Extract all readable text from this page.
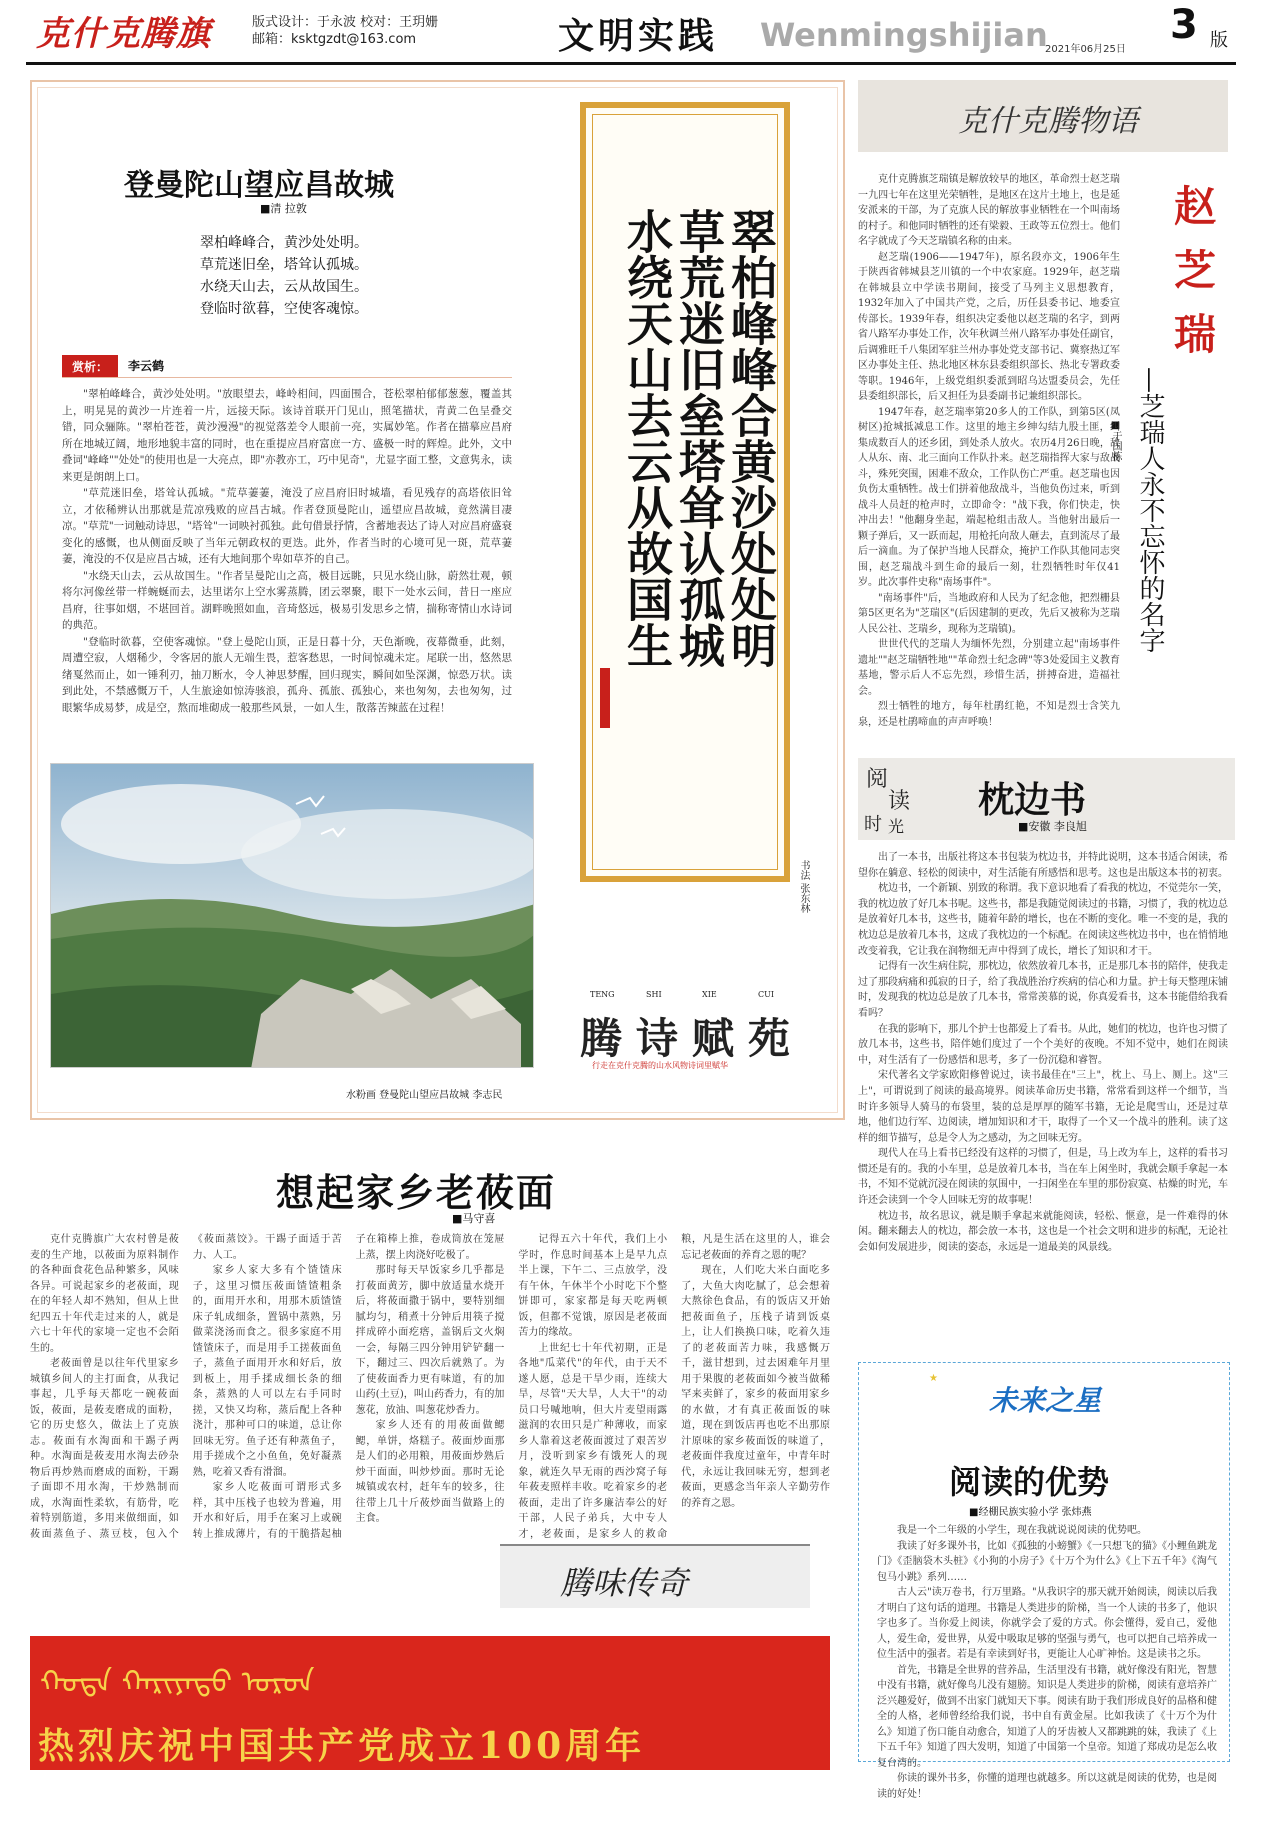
克什克腾旗	版式设计：于永波 校对：王玥姗
邮箱：ksktgzdt@163.com	文明实践 Wenmingshijian
2021年06月25日
3 版
登曼陀山望应昌故城
■清 拉敦
翠柏峰峰合，黄沙处处明。
草荒迷旧垒，塔耸认孤城。
水绕天山去，云从故国生。
登临时欲暮，空使客魂惊。
赏析：	李云鹤

"翠柏峰峰合，黄沙处处明。"放眼望去，峰岭相间，四面围合，苍松翠柏郁郁葱葱，覆盖其上，明晃晃的黄沙一片连着一片，远接天际。该诗首联开门见山，照笔描状，青黄二色呈叠交错，同众骊陈。"翠柏苍苍，黄沙漫漫"的视觉落差令人眼前一亮，实属妙笔。作者在描摹应昌府所在地城辽阔，地形地貌丰富的同时，也在重提应昌府富庶一方、盛极一时的辉煌。此外，文中叠词"峰峰""处处"的使用也是一大亮点，即"亦教亦工，巧中见奇"，尤显字面工整，文意隽永，读来更是朗朗上口。

"草荒迷旧垒，塔耸认孤城。"荒草萋萋，淹没了应昌府旧时城墙，看见残存的高塔依旧耸立，才依稀辨认出那就是荒凉残败的应昌古城。作者登顶曼陀山，遥望应昌故城，竟然满目凄凉。"草荒"一词触动诗思，"塔耸"一词映衬孤独。此句借景抒情，含蓄地表达了诗人对应昌府盛衰变化的感慨，也从侧面反映了当年元朝政权的更迭。此外，作者当时的心境可见一斑，荒草萋萋，淹没的不仅是应昌古城，还有大地间那个卑如草芥的自己。

"水绕天山去，云从故国生。"作者呈曼陀山之高，极目远眺，只见水绕山脉，蔚然壮观，顿将尔河像丝带一样蜿蜒而去，达里诺尔上空水雾蒸腾，团云翠聚，眼下一处水云间，昔日一座应昌府，往事如烟，不堪回首。湖畔晚照如血，音琦悠远，极易引发思乡之情，揣称寄情山水诗词的典范。

"登临时欲暮，空使客魂惊。"登上曼陀山顶，正是日暮十分，天色渐晚，夜幕微垂，此刻，周遭空寂，人烟稀少，令客居的旅人无端生畏，惹客愁思，一时间惊魂未定。尾联一出，悠然思绪戛然而止，如一锤利刃，抽刀断水，令人神思梦醒，回归现实，瞬间如坠深渊，惊恐万状。读到此处，不禁感慨万千，人生旅途如惊涛骇浪，孤舟、孤旅、孤独心，来也匆匆，去也匆匆，过眼繁华成易梦，成是空，熬而堆砌成一般那些风景，一如人生，散落苦辣蓝在过程！

水粉画 登曼陀山望应昌故城 李志民
翠柏峰峰合黄沙处处明
草荒迷旧垒塔耸认孤城
水绕天山去云从故国生
书法 张东林
腾 诗 赋 苑
TENG	SHI	XIE	CUI
行走在克什克腾的山水风物诗词里赋华
克什克腾物语
赵芝瑞
—芝瑞人永不忘怀的名字
■于国栋

克什克腾旗芝瑞镇是解放较早的地区，革命烈士赵芝瑞一九四七年在这里光荣牺牲，是地区在这片土地上，也是延安派来的干部，为了克旗人民的解放事业牺牲在一个叫南场的村子。和他同时牺牲的还有梁毅、王政等五位烈士。他们名字就成了今天芝瑞镇名称的由来。

赵芝瑞(1906——1947年)，原名段亦文，1906年生于陕西省韩城县芝川镇的一个中农家庭。1929年，赵芝瑞在韩城县立中学读书期间，接受了马列主义思想教育，1932年加入了中国共产党，之后，历任县委书记、地委宣传部长。1939年春，组织决定委他以赵芝瑞的名字，到两省八路军办事处工作，次年秋调兰州八路军办事处任副官，后调雅旺千八集团军驻兰州办事处党支部书记、冀察热辽军区办事处主任、热北地区林东县委组织部长、热北专署政委等职。1946年，上级党组织委派到昭乌达盟委员会，先任县委组织部长，后又担任为县委副书记兼组织部长。

1947年春，赵芝瑞率第20多人的工作队，到第5区(凤树区)抢城抵减息工作。这里的地主乡绅勾结九股土匪，纠集成数百人的还乡团，到处杀人放火。农历4月26日晚，敌人从东、南、北三面向工作队扑来。赵芝瑞指挥大家与敌战斗，殊死突围，困难不敌众，工作队伤亡严重。赵芝瑞也因负伤太重牺牲。战士们拼着他敌战斗，当他负伤过来，听到战斗人员赶的枪声时，立即命令："战下我，你们快走，快冲出去！"他翻身坐起，端起枪组击敌人。当他射出最后一颗子弹后，又一跃而起，用枪托向敌人砸去，直到流尽了最后一滴血。为了保护当地人民群众，掩护工作队其他同志突围，赵芝瑞战斗到生命的最后一刻，壮烈牺牲时年仅41岁。此次事件史称"南场事件"。

"南场事件"后，当地政府和人民为了纪念他，把烈栅县第5区更名为"芝瑞区"(后因建制的更改，先后又被称为芝瑞人民公社、芝瑞乡，现称为芝瑞镇)。

世世代代的芝瑞人为缅怀先烈，分别建立起"南场事件遗址""赵芝瑞牺牲地""革命烈士纪念碑"等3处爱国主义教育基地，警示后人不忘先烈，珍惜生活，拼搏奋进，造福社会。

烈士牺牲的地方，每年杜鹃红艳，不知是烈士含笑九泉，还是杜鹃啼血的声声呼唤！

阅
读
时 光
枕边书
■安徽 李良旭

出了一本书，出版社将这本书包装为枕边书，并特此说明，这本书适合闲读，希望你在躺意、轻松的阅读中，对生活能有所感悟和思考。这也是出版这本书的初衷。

枕边书，一个新颖、别致的称谓。我下意识地看了看我的枕边，不觉莞尔一笑，我的枕边放了好几本书呢。这些书，都是我随觉阅读过的书籍，习惯了，我的枕边总是放着好几本书，这些书，随着年龄的增长，也在不断的变化。唯一不变的是，我的枕边总是放着几本书，这成了我枕边的一个标配。在阅读这些枕边书中，也在悄悄地改变着我，它让我在润物细无声中得到了成长，增长了知识和才干。

记得有一次生病住院，那枕边，依然放着几本书，正是那几本书的陪伴，使我走过了那段病痛和孤寂的日子，给了我战胜治疗疾病的信心和力量。护士每天整理床铺时，发现我的枕边总是放了几本书，常常羡慕的说，你真爱看书，这本书能借给我看看吗？

在我的影响下，那儿个护士也都爱上了看书。从此，她们的枕边，也许也习惯了放几本书，这些书，陪伴她们度过了一个个美好的夜晚。不知不觉中，她们在阅读中，对生活有了一份感悟和思考，多了一份沉稳和睿智。

宋代著名文学家欧阳修曾说过，读书最佳在"三上"，枕上、马上、厕上。这"三上"，可谓说到了阅读的最高境界。阅读革命历史书籍，常常看到这样一个细节，当时许多领导人骑马的布袋里，装的总是厚厚的随军书籍，无论是爬雪山，还是过草地，他们边行军、边阅读，增加知识和才干，取得了一个又一个战斗的胜利。读了这样的细节描写，总是令人为之感动，为之回味无穷。

现代人在马上看书已经没有这样的习惯了，但是，马上改为车上，这样的看书习惯还是有的。我的小车里，总是放着几本书，当在车上闲坐时，我就会顺手拿起一本书，不知不觉就沉浸在阅读的氛围中，一扫闲坐在车里的那份寂寞、枯燥的时光，车许还会读到一个令人回味无穷的故事呢！

枕边书，故名思议，就是顺手拿起来就能阅读，轻松、惬意，是一件难得的休闲。翻来翻去人的枕边，都会放一本书，这也是一个社会文明和进步的标配，无论社会如何发展进步，阅读的姿态，永远是一道最美的风景线。

想起家乡老莜面
■马守喜

克什克腾旗广大农村曾是莜麦的生产地，以莜面为原料制作的各种面食花色品种繁多，风味各异。可说起家乡的老莜面，现在的年轻人却不熟知，但从上世纪四五十年代走过来的人，就是六七十年代的家境一定也不会陌生的。

老莜面曾是以往年代里家乡城镇乡间人的主打面食，从我记事起，几乎每天都吃一碗莜面饭，莜面，是莜麦磨成的面粉，它的历史悠久，做法上了克族志。莜面有水淘面和干踢子两种。水淘面是莜麦用水淘去砂杂物后再炒熟而磨成的面粉，干踢子面即不用水淘，干炒熟制而成，水淘面性柔软，有筋骨，吃着特别筋道，多用来做细面，如莜面蒸鱼子、蒸豆枝，包入个《莜面蒸饺》。干踢子面适于苦力、人工。

家乡人家大多有个馇馇床子，这里习惯压莜面馇馇粗条的，面用开水和，用那木质馇馇床子轧成细条，置锅中蒸熟，另做菜浇汤而食之。很多家庭不用馇馇床子，而是用手工搓莜面鱼子，蒸鱼子面用开水和好后，放到板上，用手揉成细长条的细条，蒸熟的人可以左右手同时搓，又快又均称，蒸后配上各种浇汁，那种可口的味道，总让你回味无穷。鱼子还有种蒸鱼子，用手搓成个之小鱼鱼，免好凝蒸熟，吃着又香有滑溜。

家乡人吃莜面可谓形式多样，其中压栈子也较为普遍，用开水和好后，用手在案习上或碗转上推成薄片，有的干脆搭起柚子在箱棒上推，卷成筒放在笼屉上蒸，摆上肉浇好吃极了。

那时每天早饭家乡几乎都是打莜面黄芳，脚中放适量水烧开后，将莜面撒于锅中，要特别细腻均匀，稍煮十分钟后用筷子搅拌成碎小面疙瘩，盖锅后文火焖一会，每隔三四分钟用铲铲翻一下，翻过三、四次后就熟了。为了使莜面香力更有味道，有的加山药(土豆)，叫山药香力，有的加葱花，放油、叫葱花炒香力。

家乡人还有的用莜面做鳃鳃，单饼，烙糕子。莜面炒面那是人们的必用粮，用莜面炒熟后炒干面面，叫炒炒面。那时无论城镇或农村，赶年车的较多，往往带上几十斤莜炒面当做路上的主食。

记得五六十年代，我们上小学时，作息时间基本上是早九点半上课，下午二、三点放学，没有午休，午休半个小时吃下个整饼即可，家家都是每天吃两顿饭，但都不觉饿，原因是老莜面苦力的缘故。

上世纪七十年代初期，正是各地"瓜菜代"的年代，由于天不遂人愿，总是干旱少雨，连续大旱，尽管"天大旱，人大干"的动员口号喊地响，但大片麦望雨露滋润的农田只是广种薄收，而家乡人靠着这老莜面渡过了艰苦岁月，没听到家乡有饿死人的现象，就连久早无雨的西沙窝子每年莜麦照样丰收。吃着家乡的老莜面，走出了许多廉洁奉公的好干部，人民子弟兵，大中专人才，老莜面，是家乡人的救命粮，凡是生活在这里的人，谁会忘记老莜面的养育之恩的呢？

现在，人们吃大米白面吃多了，大鱼大肉吃腻了，总会想着大熬徐色食品，有的饭店又开始把莜面鱼子，压栈子请到饭桌上，让人们换换口味，吃着久违了的老莜面苦力味，我感慨万千，滋甘想到，过去困难年月里用于果腹的老莜面如今被当做稀罕来卖鲜了，家乡的莜面用家乡的水做，才有真正莜面饭的味道，现在到饭店再也吃不出那原汁原味的家乡莜面饭的味道了，老莜面伴我度过童年，中青年时代，永远让我回味无穷，想到老莜面，更感念当年亲人辛勤劳作的养育之恩。

腾味传奇
ᠬᠣᠲᠠ ᠬᠠᠷᠢᠶᠠᠲᠤ ᠣᠷᠣᠨ
热烈庆祝中国共产党成立100周年
★
未来之星
阅读的优势
■经棚民族实验小学 张炜燕

我是一个二年级的小学生，现在我就说说阅读的优势吧。

我读了好多课外书，比如《孤独的小螃蟹》《一只想飞的猫》《小鲤鱼跳龙门》《歪脑袋木头桩》《小狗的小房子》《十万个为什么》《上下五千年》《淘气包马小跳》系列……

古人云"读万卷书，行万里路。"从我识字的那天就开始阅读，阅读以后我才明白了这句话的道理。书籍是人类进步的阶梯，当一个人读的书多了，他识字也多了。当你爱上阅读，你就学会了爱的方式。你会懂得，爱自己，爱他人，爱生命，爱世界，从爱中吸取足够的坚强与勇气，也可以把自己培养成一位生活中的强者。若是有幸读到好书，更能让人心旷神怡。这是读书之乐。

首先，书籍是全世界的营养品，生活里没有书籍，就好像没有阳光，智慧中没有书籍，就好像鸟儿没有翅膀。知识是人类进步的阶梯，阅读有意培养广泛兴趣爱好，做到不出家门就知天下事。阅读有助于我们形成良好的品格和健全的人格，老师曾经给我们说，书中自有黄金屋。比如我读了《十万个为什么》知道了伤口能自动愈合，知道了人的牙齿被人又都跳跳的妹，我读了《上下五千年》知道了四大发明，知道了中国第一个皇帝。知道了郑成功是怎么收复台湾的。

你读的课外书多，你懂的道理也就越多。所以这就是阅读的优势，也是阅读的好处！
